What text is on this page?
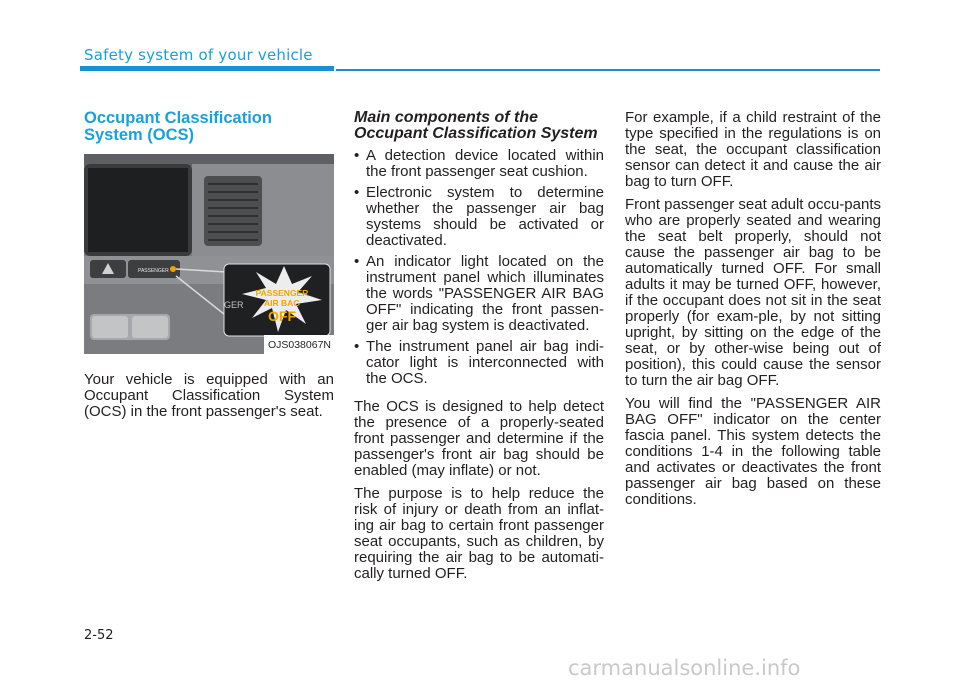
Safety system of your vehicle
Occupant Classification System (OCS)
PASSENGER
GER
PASSENGER
AIR BAG
OFF
OJS038067N

Your vehicle is equipped with an Occupant Classification System (OCS) in the front passenger's seat.

Main components of the Occupant Classification System
• A detection device located within the front passenger seat cushion.
• Electronic system to determine whether the passenger air bag systems should be activated or deactivated.
• An indicator light located on the instrument panel which illuminates the words "PASSENGER AIR BAG OFF" indicating the front passen-ger air bag system is deactivated.
• The instrument panel air bag indi-cator light is interconnected with the OCS.

The OCS is designed to help detect the presence of a properly-seated front passenger and determine if the passenger's front air bag should be enabled (may inflate) or not.

The purpose is to help reduce the risk of injury or death from an inflat-ing air bag to certain front passenger seat occupants, such as children, by requiring the air bag to be automati-cally turned OFF.

For example, if a child restraint of the type specified in the regulations is on the seat, the occupant classification sensor can detect it and cause the air bag to turn OFF.

Front passenger seat adult occu-pants who are properly seated and wearing the seat belt properly, should not cause the passenger air bag to be automatically turned OFF. For small adults it may be turned OFF, however, if the occupant does not sit in the seat properly (for exam-ple, by not sitting upright, by sitting on the edge of the seat, or by other-wise being out of position), this could cause the sensor to turn the air bag OFF.

You will find the "PASSENGER AIR BAG OFF" indicator on the center fascia panel. This system detects the conditions 1-4 in the following table and activates or deactivates the front passenger air bag based on these conditions.

2-52
carmanualsonline.info
